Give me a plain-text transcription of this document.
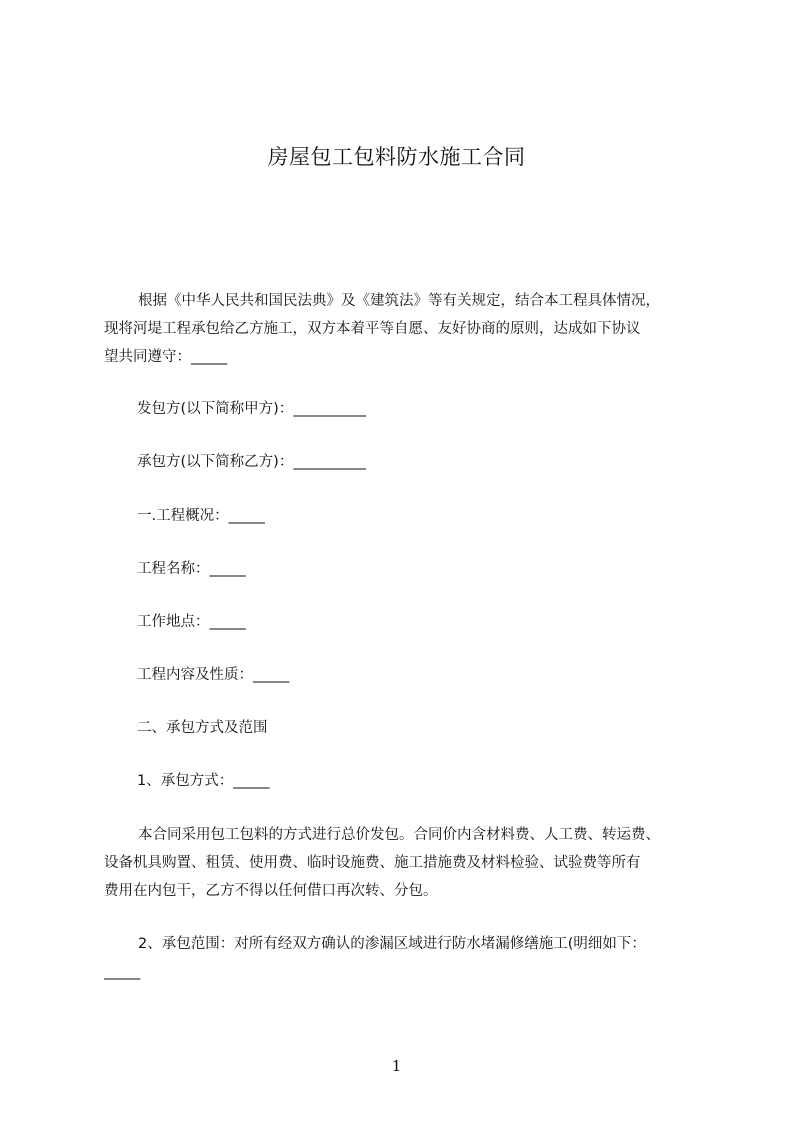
房屋包工包料防水施工合同
根据《中华人民共和国民法典》及《建筑法》等有关规定，结合本工程具体情况，
现将河堤工程承包给乙方施工，双方本着平等自愿、友好协商的原则，达成如下协议
望共同遵守：_____
发包方(以下简称甲方)：__________
承包方(以下简称乙方)：__________
一.工程概况：_____
工程名称：_____
工作地点：_____
工程内容及性质：_____
二、承包方式及范围
1、承包方式：_____
本合同采用包工包料的方式进行总价发包。合同价内含材料费、人工费、转运费、
设备机具购置、租赁、使用费、临时设施费、施工措施费及材料检验、试验费等所有
费用在内包干，乙方不得以任何借口再次转、分包。
2、承包范围：对所有经双方确认的渗漏区域进行防水堵漏修缮施工(明细如下：
_____
1
